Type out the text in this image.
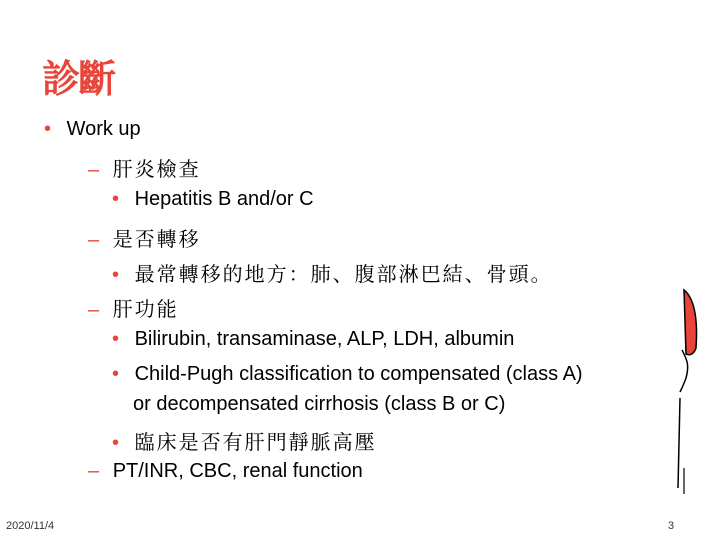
診斷
• Work up
– 肝炎檢查
• Hepatitis B and/or C
– 是否轉移
• 最常轉移的地方：肺、腹部淋巴結、骨頭。
– 肝功能
• Bilirubin, transaminase, ALP, LDH, albumin
• Child-Pugh classification to compensated (class A)
or decompensated cirrhosis (class B or C)
• 臨床是否有肝門靜脈高壓
– PT/INR, CBC, renal function
2020/11/4	3
